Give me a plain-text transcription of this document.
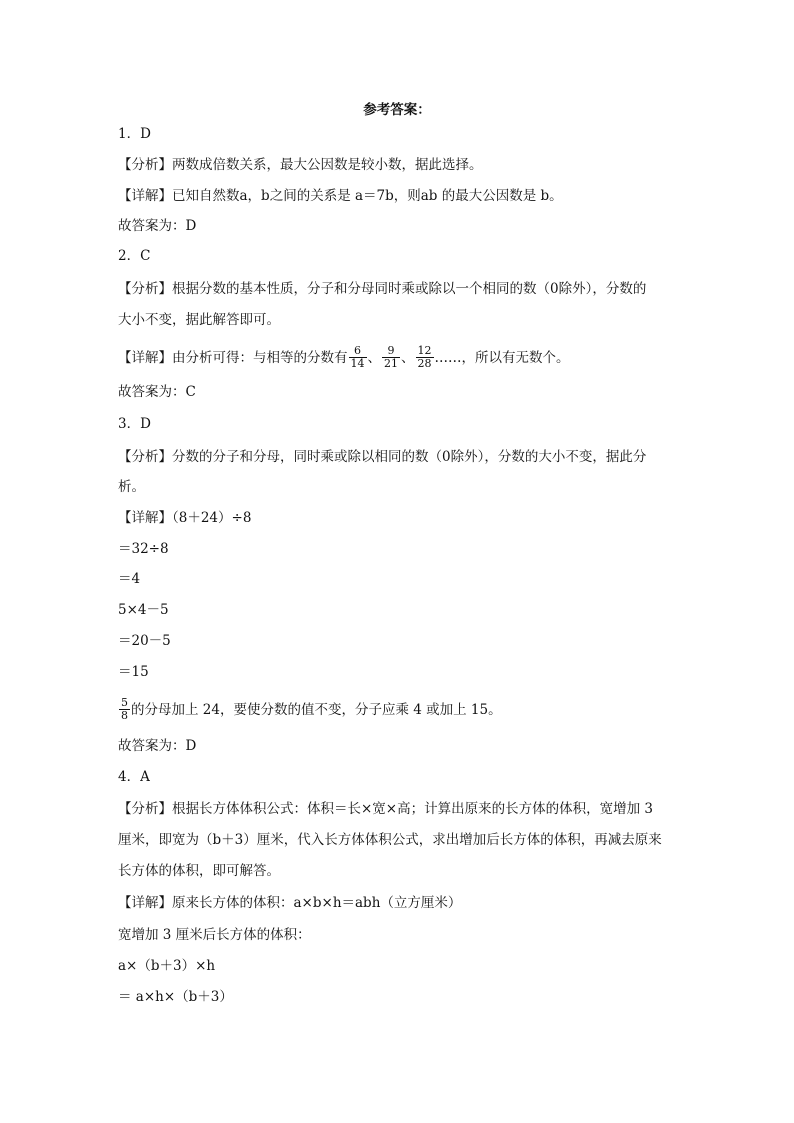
参考答案：
1．D
【分析】两数成倍数关系，最大公因数是较小数，据此选择。
【详解】已知自然数a，b之间的关系是 a＝7b，则ab 的最大公因数是 b。
故答案为：D
2．C
【分析】根据分数的基本性质，分子和分母同时乘或除以一个相同的数（0除外），分数的
大小不变，据此解答即可。
【详解】由分析可得：与相等的分数有 $\frac{6}{14}$ 、 $\frac{9}{21}$ 、 $\frac{12}{28}$ ……，所以有无数个。
故答案为：C
3．D
【分析】分数的分子和分母，同时乘或除以相同的数（0除外），分数的大小不变，据此分
析。
【详解】（8＋24）÷8
＝32÷8
＝4
5×4－5
＝20－5
＝15
$\frac{5}{8}$ 的分母加上 24，要使分数的值不变，分子应乘 4 或加上 15。
故答案为：D
4．A
【分析】根据长方体体积公式：体积＝长×宽×高；计算出原来的长方体的体积，宽增加 3
厘米，即宽为（b＋3）厘米，代入长方体体积公式，求出增加后长方体的体积，再减去原来
长方体的体积，即可解答。
【详解】原来长方体的体积：a×b×h＝abh（立方厘米）
宽增加 3 厘米后长方体的体积：
a×（b＋3）×h
＝ a×h×（b＋3）
